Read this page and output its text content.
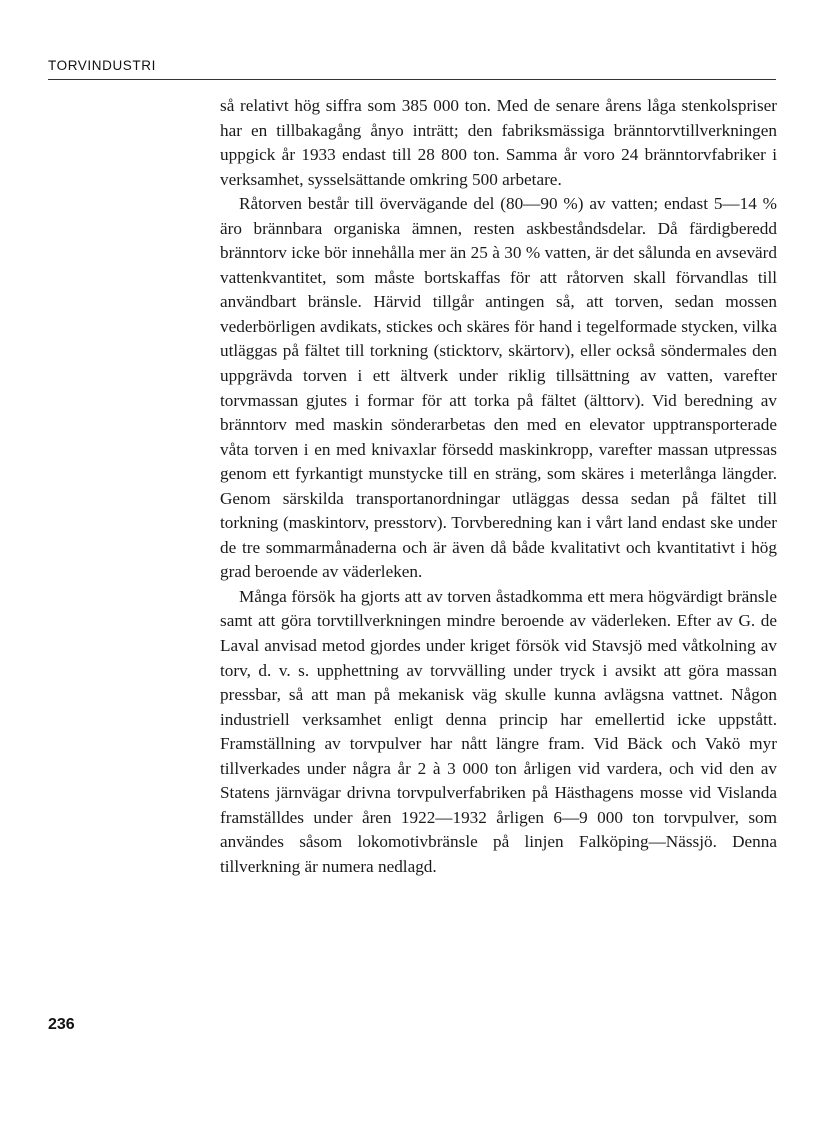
TORVINDUSTRI

så relativt hög siffra som 385 000 ton. Med de senare årens låga stenkolspriser har en tillbakagång ånyo inträtt; den fabriksmässiga bränntorvtillverkningen uppgick år 1933 endast till 28 800 ton. Samma år voro 24 bränntorvfabriker i verksamhet, sysselsättande omkring 500 arbetare.

Råtorven består till övervägande del (80—90 %) av vatten; endast 5—14 % äro brännbara organiska ämnen, resten askbeståndsdelar. Då färdigberedd bränntorv icke bör innehålla mer än 25 à 30 % vatten, är det sålunda en avsevärd vattenkvantitet, som måste bortskaffas för att råtorven skall förvandlas till användbart bränsle. Härvid tillgår antingen så, att torven, sedan mossen vederbörligen avdikats, stickes och skäres för hand i tegelformade stycken, vilka utläggas på fältet till torkning (sticktorv, skärtorv), eller också söndermales den uppgrävda torven i ett ältverk under riklig tillsättning av vatten, varefter torvmassan gjutes i formar för att torka på fältet (älttorv). Vid beredning av bränntorv med maskin sönderarbetas den med en elevator upptransporterade våta torven i en med knivaxlar försedd maskinkropp, varefter massan utpressas genom ett fyrkantigt munstycke till en sträng, som skäres i meterlånga längder. Genom särskilda transportanordningar utläggas dessa sedan på fältet till torkning (maskintorv, presstorv). Torvberedning kan i vårt land endast ske under de tre sommarmånaderna och är även då både kvalitativt och kvantitativt i hög grad beroende av väderleken.

Många försök ha gjorts att av torven åstadkomma ett mera högvärdigt bränsle samt att göra torvtillverkningen mindre beroende av väderleken. Efter av G. de Laval anvisad metod gjordes under kriget försök vid Stavsjö med våtkolning av torv, d. v. s. upphettning av torvvälling under tryck i avsikt att göra massan pressbar, så att man på mekanisk väg skulle kunna avlägsna vattnet. Någon industriell verksamhet enligt denna princip har emellertid icke uppstått. Framställning av torvpulver har nått längre fram. Vid Bäck och Vakö myr tillverkades under några år 2 à 3 000 ton årligen vid vardera, och vid den av Statens järnvägar drivna torvpulverfabriken på Hästhagens mosse vid Vislanda framställdes under åren 1922—1932 årligen 6—9 000 ton torvpulver, som användes såsom lokomotivbränsle på linjen Falköping—Nässjö. Denna tillverkning är numera nedlagd.

236
